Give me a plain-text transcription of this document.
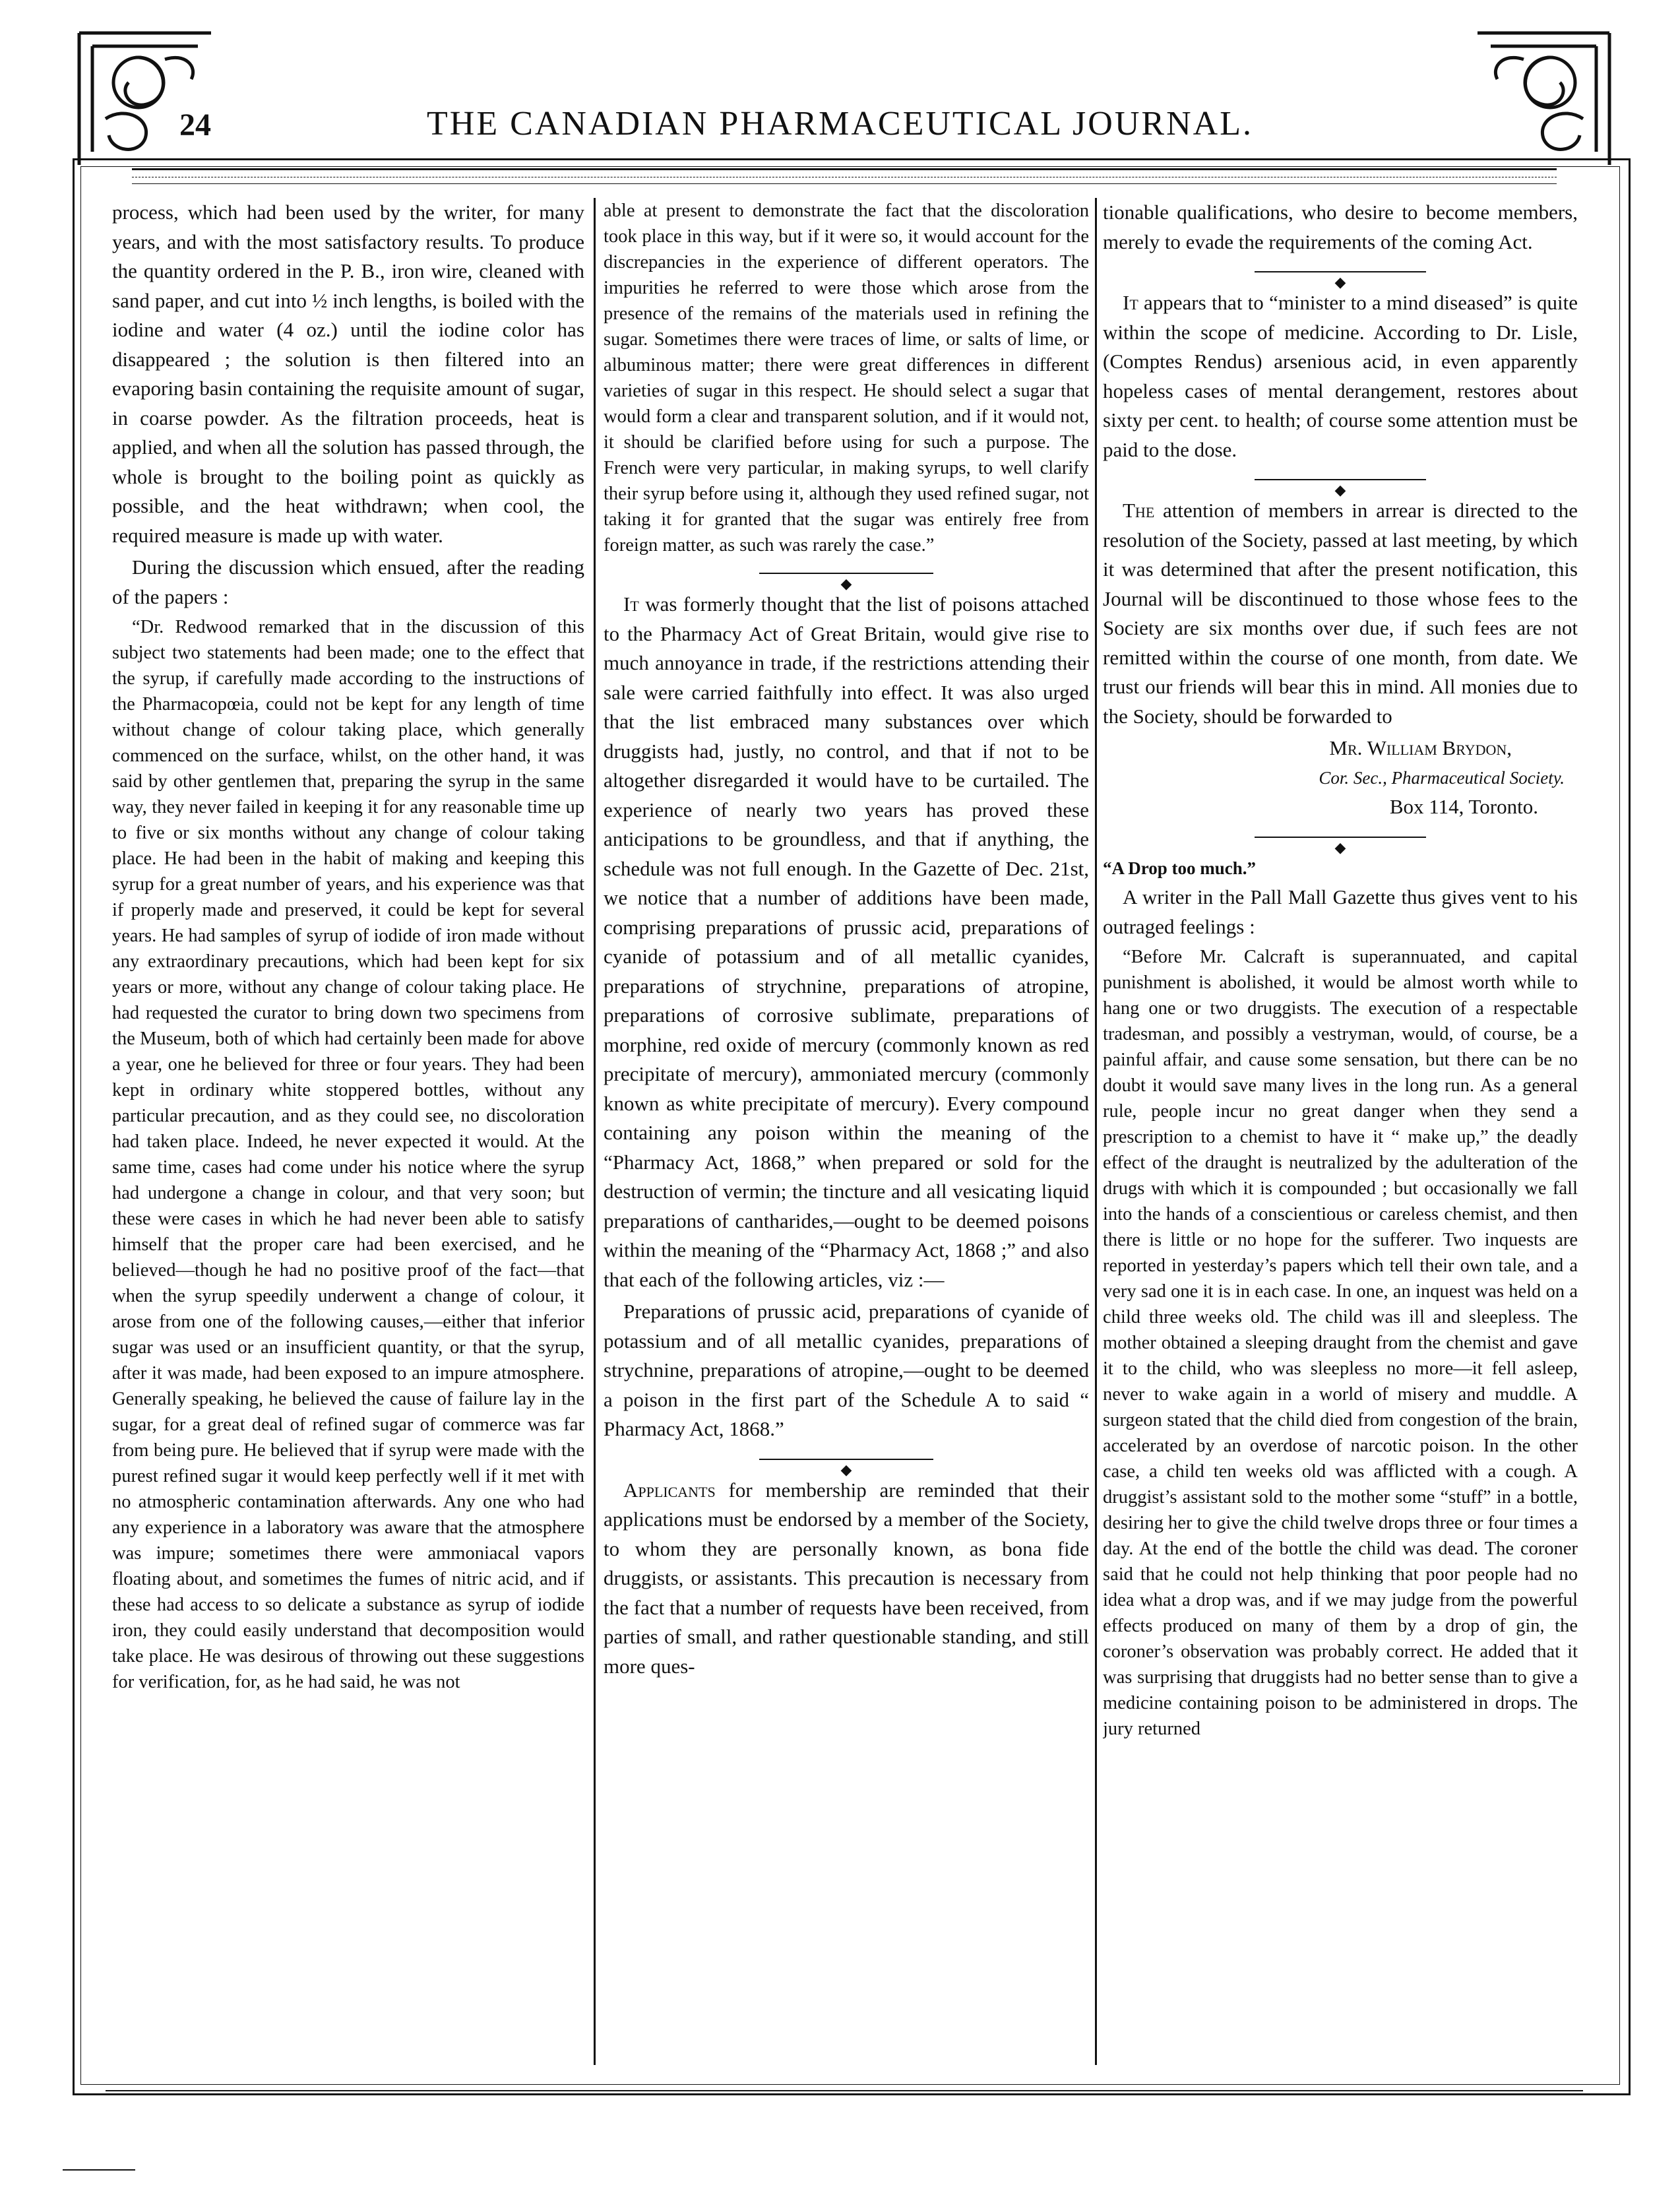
24	THE CANADIAN PHARMACEUTICAL JOURNAL.

process, which had been used by the writer, for many years, and with the most satisfactory results. To produce the quantity ordered in the P. B., iron wire, cleaned with sand paper, and cut into ½ inch lengths, is boiled with the iodine and water (4 oz.) until the iodine color has disappeared ; the solution is then filtered into an evaporing basin containing the requisite amount of sugar, in coarse powder. As the filtration proceeds, heat is applied, and when all the solution has passed through, the whole is brought to the boiling point as quickly as possible, and the heat withdrawn; when cool, the required measure is made up with water.

During the discussion which ensued, after the reading of the papers :

“Dr. Redwood remarked that in the discussion of this subject two statements had been made; one to the effect that the syrup, if carefully made according to the instructions of the Pharmacopœia, could not be kept for any length of time without change of colour taking place, which generally commenced on the surface, whilst, on the other hand, it was said by other gentlemen that, preparing the syrup in the same way, they never failed in keeping it for any reasonable time up to five or six months without any change of colour taking place. He had been in the habit of making and keeping this syrup for a great number of years, and his experience was that if properly made and preserved, it could be kept for several years. He had samples of syrup of iodide of iron made without any extraordinary precautions, which had been kept for six years or more, without any change of colour taking place. He had requested the curator to bring down two specimens from the Museum, both of which had certainly been made for above a year, one he believed for three or four years. They had been kept in ordinary white stoppered bottles, without any particular precaution, and as they could see, no discoloration had taken place. Indeed, he never expected it would. At the same time, cases had come under his notice where the syrup had undergone a change in colour, and that very soon; but these were cases in which he had never been able to satisfy himself that the proper care had been exercised, and he believed—though he had no positive proof of the fact—that when the syrup speedily underwent a change of colour, it arose from one of the following causes,—either that inferior sugar was used or an insufficient quantity, or that the syrup, after it was made, had been exposed to an impure atmosphere. Generally speaking, he believed the cause of failure lay in the sugar, for a great deal of refined sugar of commerce was far from being pure. He believed that if syrup were made with the purest refined sugar it would keep perfectly well if it met with no atmospheric contamination afterwards. Any one who had any experience in a laboratory was aware that the atmosphere was impure; sometimes there were ammoniacal vapors floating about, and sometimes the fumes of nitric acid, and if these had access to so delicate a substance as syrup of iodide iron, they could easily understand that decomposition would take place. He was desirous of throwing out these suggestions for verification, for, as he had said, he was not

able at present to demonstrate the fact that the discoloration took place in this way, but if it were so, it would account for the discrepancies in the experience of different operators. The impurities he referred to were those which arose from the presence of the remains of the materials used in refining the sugar. Sometimes there were traces of lime, or salts of lime, or albuminous matter; there were great differences in different varieties of sugar in this respect. He should select a sugar that would form a clear and transparent solution, and if it would not, it should be clarified before using for such a purpose. The French were very particular, in making syrups, to well clarify their syrup before using it, although they used refined sugar, not taking it for granted that the sugar was entirely free from foreign matter, as such was rarely the case.”

◆

It was formerly thought that the list of poisons attached to the Pharmacy Act of Great Britain, would give rise to much annoyance in trade, if the restrictions attending their sale were carried faithfully into effect. It was also urged that the list embraced many substances over which druggists had, justly, no control, and that if not to be altogether disregarded it would have to be curtailed. The experience of nearly two years has proved these anticipations to be groundless, and that if anything, the schedule was not full enough. In the Gazette of Dec. 21st, we notice that a number of additions have been made, comprising preparations of prussic acid, preparations of cyanide of potassium and of all metallic cyanides, preparations of strychnine, preparations of atropine, preparations of corrosive sublimate, preparations of morphine, red oxide of mercury (commonly known as red precipitate of mercury), ammoniated mercury (commonly known as white precipitate of mercury). Every compound containing any poison within the meaning of the “Pharmacy Act, 1868,” when prepared or sold for the destruction of vermin; the tincture and all vesicating liquid preparations of cantharides,—ought to be deemed poisons within the meaning of the “Pharmacy Act, 1868 ;” and also that each of the following articles, viz :—

Preparations of prussic acid, preparations of cyanide of potassium and of all metallic cyanides, preparations of strychnine, preparations of atropine,—ought to be deemed a poison in the first part of the Schedule A to said “ Pharmacy Act, 1868.”

◆

Applicants for membership are reminded that their applications must be endorsed by a member of the Society, to whom they are personally known, as bona fide druggists, or assistants. This precaution is necessary from the fact that a number of requests have been received, from parties of small, and rather questionable standing, and still more ques-

tionable qualifications, who desire to become members, merely to evade the requirements of the coming Act.

◆

It appears that to “minister to a mind diseased” is quite within the scope of medicine. According to Dr. Lisle, (Comptes Rendus) arsenious acid, in even apparently hopeless cases of mental derangement, restores about sixty per cent. to health; of course some attention must be paid to the dose.

◆

The attention of members in arrear is directed to the resolution of the Society, passed at last meeting, by which it was determined that after the present notification, this Journal will be discontinued to those whose fees to the Society are six months over due, if such fees are not remitted within the course of one month, from date. We trust our friends will bear this in mind. All monies due to the Society, should be forwarded to

Mr. William Brydon,
Cor. Sec., Pharmaceutical Society.
Box 114, Toronto.
◆
“A Drop too much.”

A writer in the Pall Mall Gazette thus gives vent to his outraged feelings :

“Before Mr. Calcraft is superannuated, and capital punishment is abolished, it would be almost worth while to hang one or two druggists. The execution of a respectable tradesman, and possibly a vestryman, would, of course, be a painful affair, and cause some sensation, but there can be no doubt it would save many lives in the long run. As a general rule, people incur no great danger when they send a prescription to a chemist to have it “ make up,” the deadly effect of the draught is neutralized by the adulteration of the drugs with which it is compounded ; but occasionally we fall into the hands of a conscientious or careless chemist, and then there is little or no hope for the sufferer. Two inquests are reported in yesterday’s papers which tell their own tale, and a very sad one it is in each case. In one, an inquest was held on a child three weeks old. The child was ill and sleepless. The mother obtained a sleeping draught from the chemist and gave it to the child, who was sleepless no more—it fell asleep, never to wake again in a world of misery and muddle. A surgeon stated that the child died from congestion of the brain, accelerated by an overdose of narcotic poison. In the other case, a child ten weeks old was afflicted with a cough. A druggist’s assistant sold to the mother some “stuff” in a bottle, desiring her to give the child twelve drops three or four times a day. At the end of the bottle the child was dead. The coroner said that he could not help thinking that poor people had no idea what a drop was, and if we may judge from the powerful effects produced on many of them by a drop of gin, the coroner’s observation was probably correct. He added that it was surprising that druggists had no better sense than to give a medicine containing poison to be administered in drops. The jury returned
